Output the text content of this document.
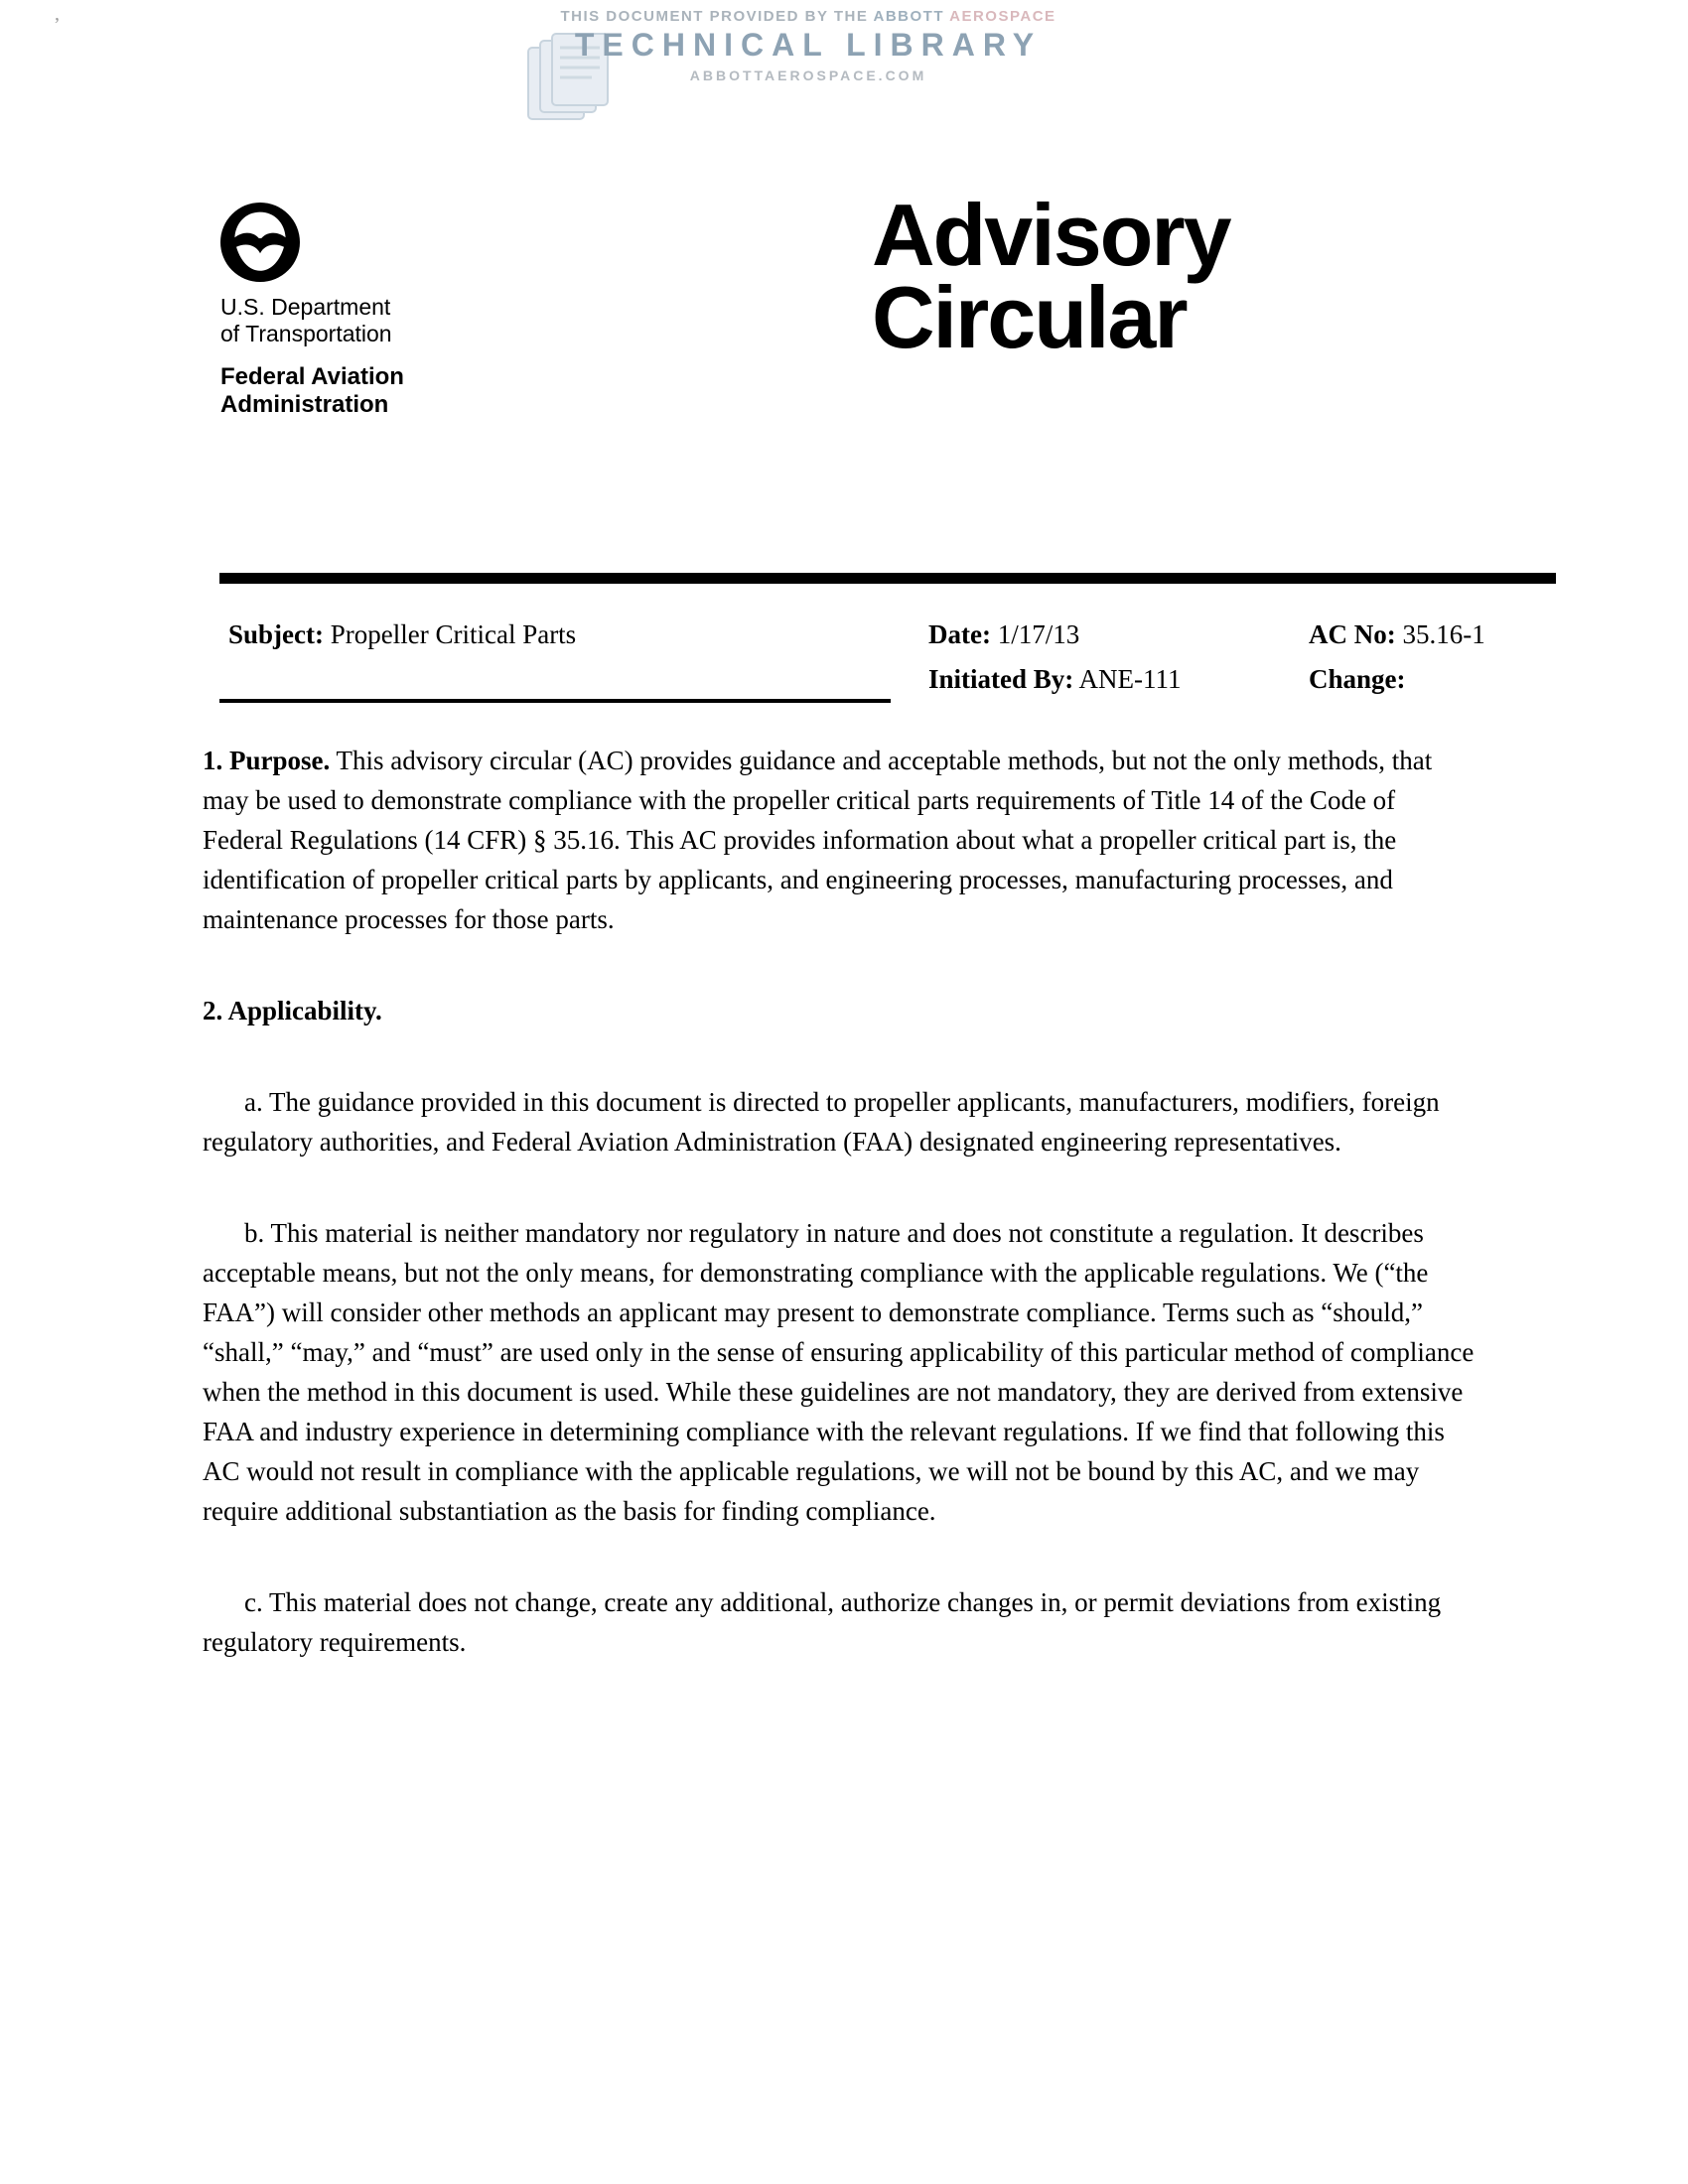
’	THIS DOCUMENT PROVIDED BY THE ABBOTT AEROSPACE
TECHNICAL LIBRARY
ABBOTTAEROSPACE.COM
U.S. Department
of Transportation
Federal Aviation
Administration
Advisory
Circular
Subject: Propeller Critical Parts	Date: 1/17/13	AC No: 35.16-1
Initiated By: ANE-111	Change:

1. Purpose. This advisory circular (AC) provides guidance and acceptable methods, but not the only methods, that may be used to demonstrate compliance with the propeller critical parts requirements of Title 14 of the Code of Federal Regulations (14 CFR) § 35.16. This AC provides information about what a propeller critical part is, the identification of propeller critical parts by applicants, and engineering processes, manufacturing processes, and maintenance processes for those parts.

2. Applicability.

a. The guidance provided in this document is directed to propeller applicants, manufacturers, modifiers, foreign regulatory authorities, and Federal Aviation Administration (FAA) designated engineering representatives.

b. This material is neither mandatory nor regulatory in nature and does not constitute a regulation. It describes acceptable means, but not the only means, for demonstrating compliance with the applicable regulations. We (“the FAA”) will consider other methods an applicant may present to demonstrate compliance. Terms such as “should,” “shall,” “may,” and “must” are used only in the sense of ensuring applicability of this particular method of compliance when the method in this document is used. While these guidelines are not mandatory, they are derived from extensive FAA and industry experience in determining compliance with the relevant regulations. If we find that following this AC would not result in compliance with the applicable regulations, we will not be bound by this AC, and we may require additional substantiation as the basis for finding compliance.

c. This material does not change, create any additional, authorize changes in, or permit deviations from existing regulatory requirements.
